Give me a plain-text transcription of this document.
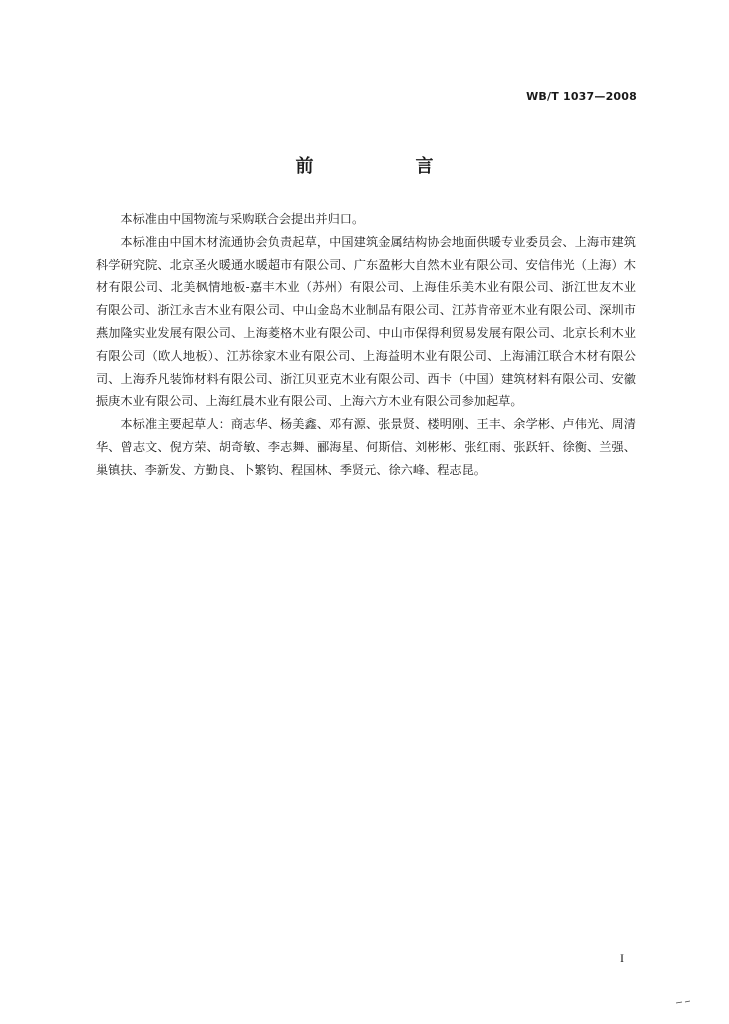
WB/T 1037—2008
前　言

本标准由中国物流与采购联合会提出并归口。

本标准由中国木材流通协会负责起草，中国建筑金属结构协会地面供暖专业委员会、上海市建筑科学研究院、北京圣火暖通水暖超市有限公司、广东盈彬大自然木业有限公司、安信伟光（上海）木材有限公司、北美枫情地板-嘉丰木业（苏州）有限公司、上海佳乐美木业有限公司、浙江世友木业有限公司、浙江永吉木业有限公司、中山金岛木业制品有限公司、江苏肯帝亚木业有限公司、深圳市燕加隆实业发展有限公司、上海菱格木业有限公司、中山市保得利贸易发展有限公司、北京长利木业有限公司（欧人地板）、江苏徐家木业有限公司、上海益明木业有限公司、上海浦江联合木材有限公司、上海乔凡装饰材料有限公司、浙江贝亚克木业有限公司、西卡（中国）建筑材料有限公司、安徽振庚木业有限公司、上海红晨木业有限公司、上海六方木业有限公司参加起草。

本标准主要起草人：商志华、杨美鑫、邓有源、张景贤、楼明刚、王丰、余学彬、卢伟光、周清华、曾志文、倪方荣、胡奇敏、李志舞、郦海星、何斯信、刘彬彬、张红雨、张跃轩、徐衡、兰强、巢镇扶、李新发、方勤良、卜繁钧、程国林、季贤元、徐六峰、程志昆。

I
